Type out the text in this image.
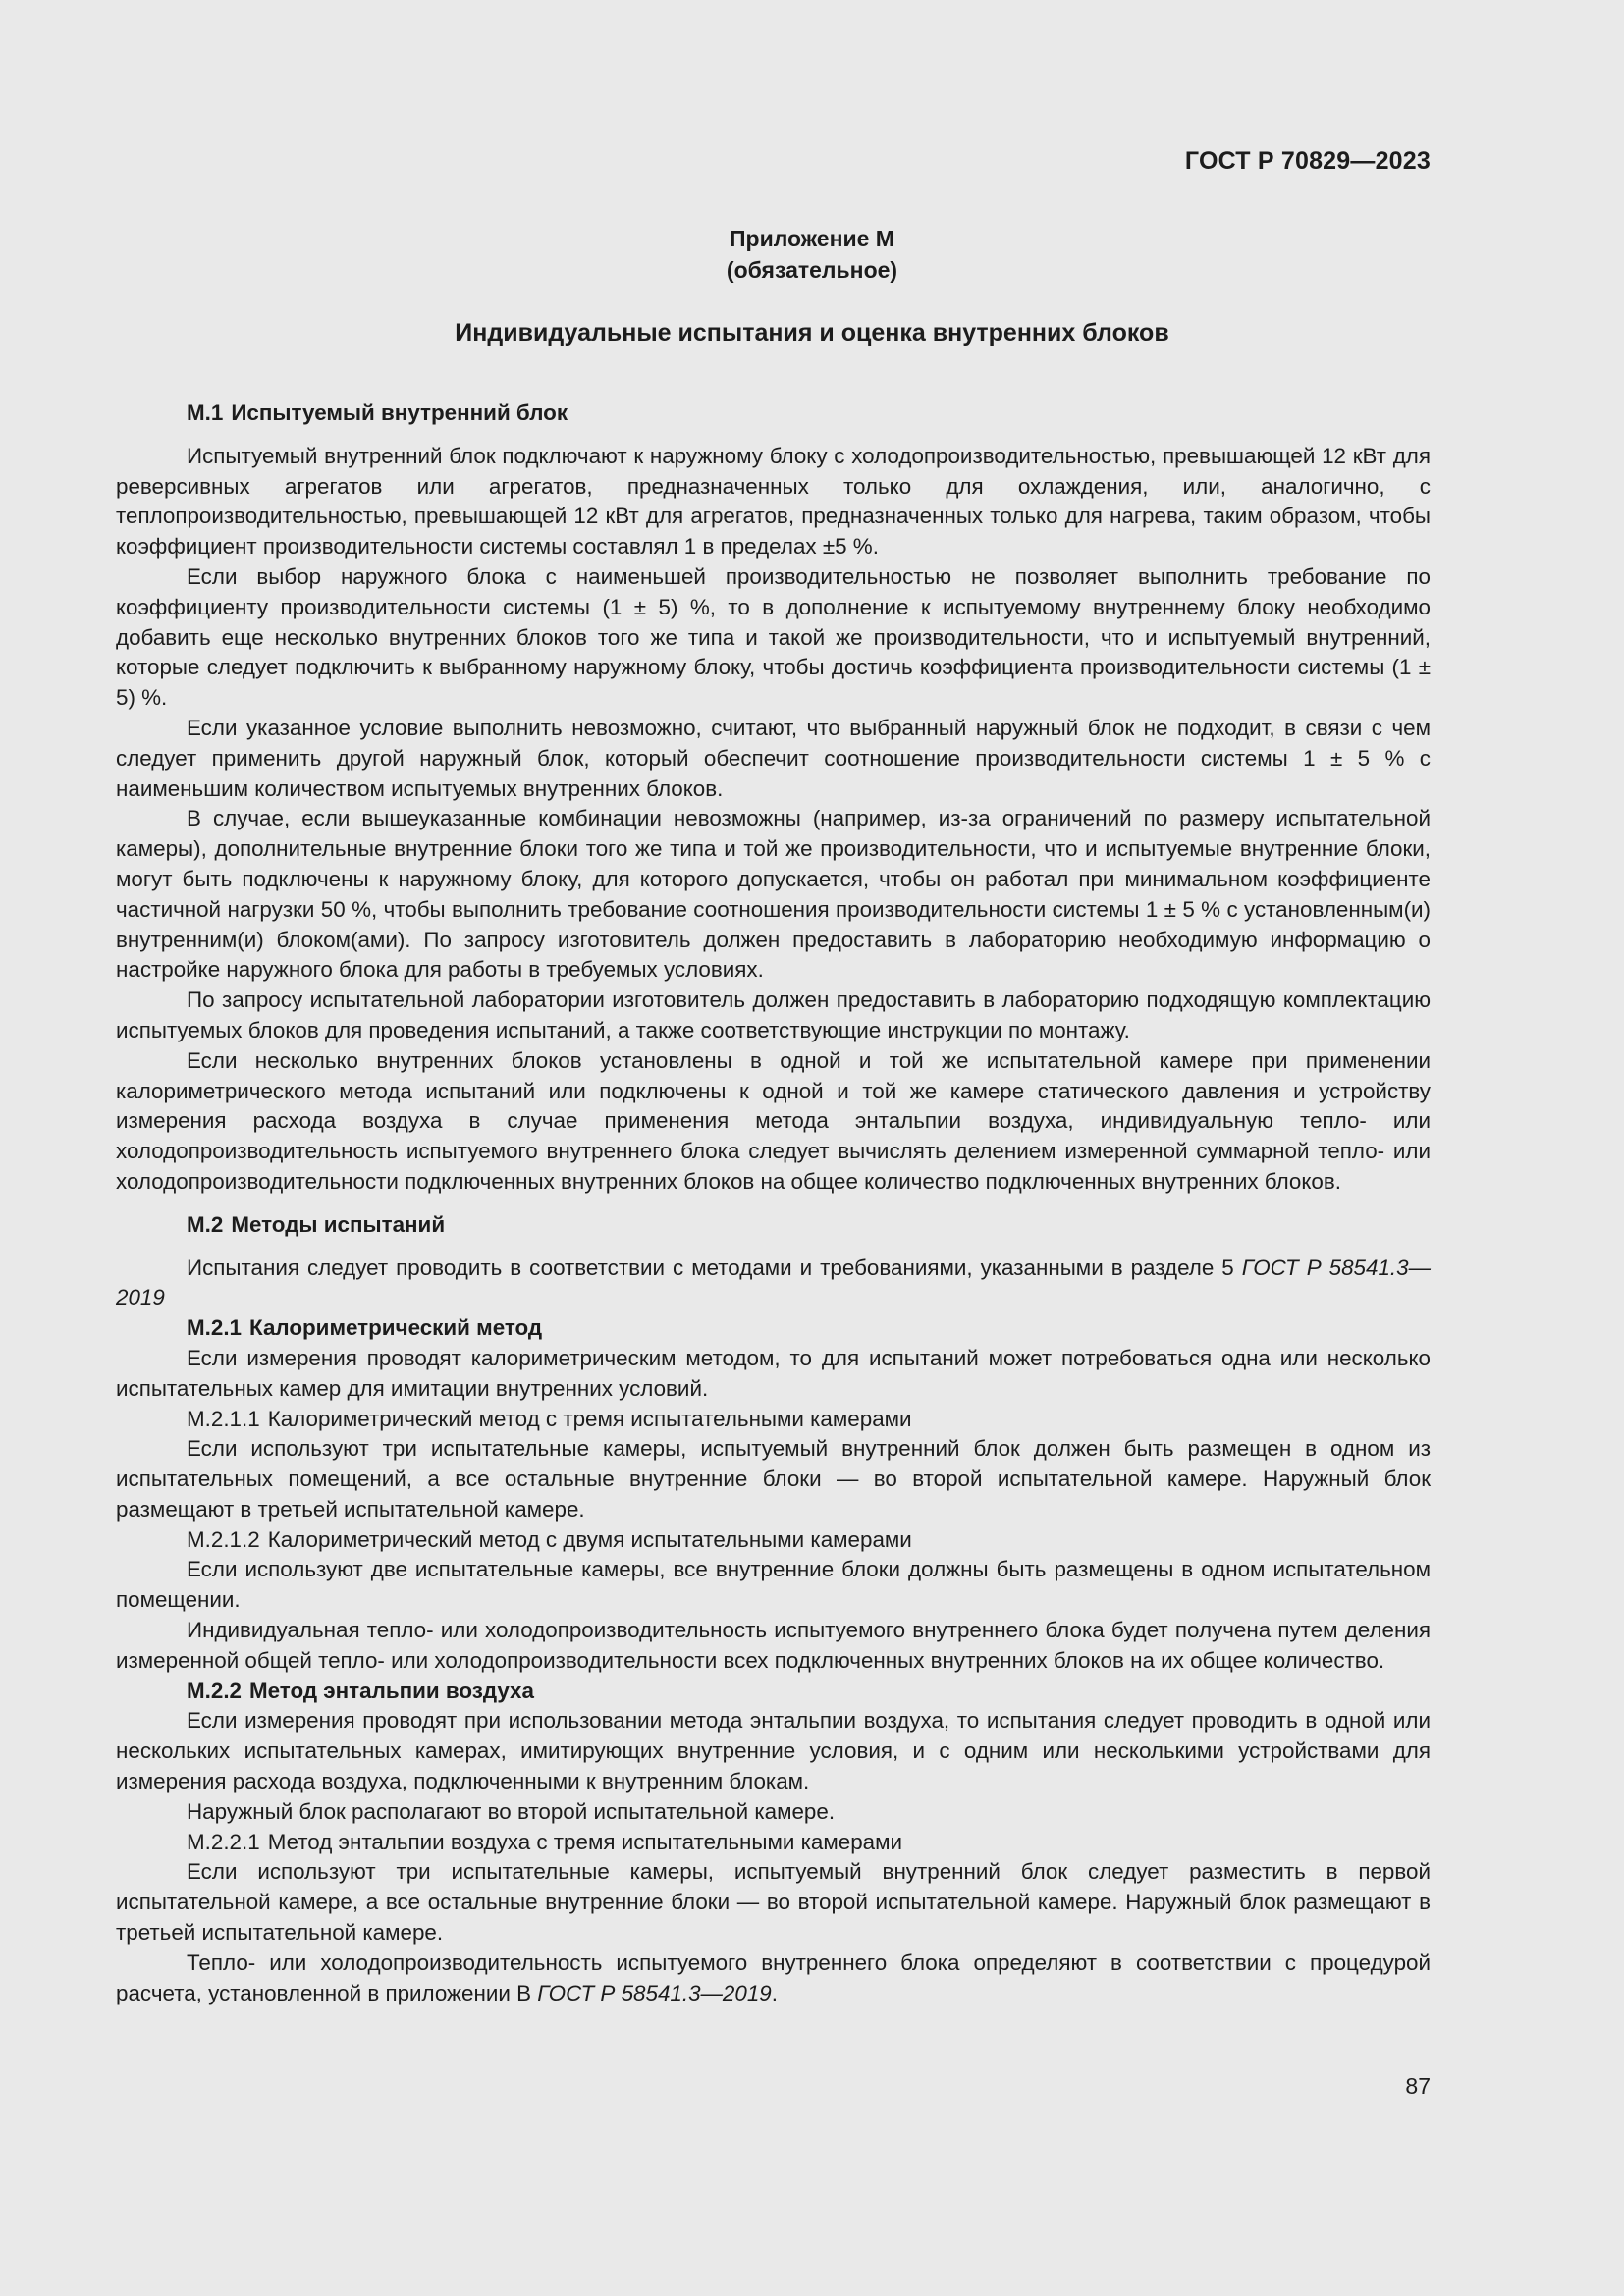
ГОСТ Р 70829—2023
Приложение М
(обязательное)
Индивидуальные испытания и оценка внутренних блоков

М.1 Испытуемый внутренний блок

Испытуемый внутренний блок подключают к наружному блоку с холодопроизводительностью, превышающей 12 кВт для реверсивных агрегатов или агрегатов, предназначенных только для охлаждения, или, аналогично, с теплопроизводительностью, превышающей 12 кВт для агрегатов, предназначенных только для нагрева, таким образом, чтобы коэффициент производительности системы составлял 1 в пределах ±5 %.

Если выбор наружного блока с наименьшей производительностью не позволяет выполнить требование по коэффициенту производительности системы (1 ± 5) %, то в дополнение к испытуемому внутреннему блоку необходимо добавить еще несколько внутренних блоков того же типа и такой же производительности, что и испытуемый внутренний, которые следует подключить к выбранному наружному блоку, чтобы достичь коэффициента производительности системы (1 ± 5) %.

Если указанное условие выполнить невозможно, считают, что выбранный наружный блок не подходит, в связи с чем следует применить другой наружный блок, который обеспечит соотношение производительности системы 1 ± 5 % с наименьшим количеством испытуемых внутренних блоков.

В случае, если вышеуказанные комбинации невозможны (например, из-за ограничений по размеру испытательной камеры), дополнительные внутренние блоки того же типа и той же производительности, что и испытуемые внутренние блоки, могут быть подключены к наружному блоку, для которого допускается, чтобы он работал при минимальном коэффициенте частичной нагрузки 50 %, чтобы выполнить требование соотношения производительности системы 1 ± 5 % с установленным(и) внутренним(и) блоком(ами). По запросу изготовитель должен предоставить в лабораторию необходимую информацию о настройке наружного блока для работы в требуемых условиях.

По запросу испытательной лаборатории изготовитель должен предоставить в лабораторию подходящую комплектацию испытуемых блоков для проведения испытаний, а также соответствующие инструкции по монтажу.

Если несколько внутренних блоков установлены в одной и той же испытательной камере при применении калориметрического метода испытаний или подключены к одной и той же камере статического давления и устройству измерения расхода воздуха в случае применения метода энтальпии воздуха, индивидуальную тепло- или холодопроизводительность испытуемого внутреннего блока следует вычислять делением измеренной суммарной тепло- или холодопроизводительности подключенных внутренних блоков на общее количество подключенных внутренних блоков.

М.2 Методы испытаний

Испытания следует проводить в соответствии с методами и требованиями, указанными в разделе 5 ГОСТ Р 58541.3—2019

М.2.1 Калориметрический метод

Если измерения проводят калориметрическим методом, то для испытаний может потребоваться одна или несколько испытательных камер для имитации внутренних условий.

М.2.1.1 Калориметрический метод с тремя испытательными камерами

Если используют три испытательные камеры, испытуемый внутренний блок должен быть размещен в одном из испытательных помещений, а все остальные внутренние блоки — во второй испытательной камере. Наружный блок размещают в третьей испытательной камере.

М.2.1.2 Калориметрический метод с двумя испытательными камерами

Если используют две испытательные камеры, все внутренние блоки должны быть размещены в одном испытательном помещении.

Индивидуальная тепло- или холодопроизводительность испытуемого внутреннего блока будет получена путем деления измеренной общей тепло- или холодопроизводительности всех подключенных внутренних блоков на их общее количество.

М.2.2 Метод энтальпии воздуха

Если измерения проводят при использовании метода энтальпии воздуха, то испытания следует проводить в одной или нескольких испытательных камерах, имитирующих внутренние условия, и с одним или несколькими устройствами для измерения расхода воздуха, подключенными к внутренним блокам.

Наружный блок располагают во второй испытательной камере.

М.2.2.1 Метод энтальпии воздуха с тремя испытательными камерами

Если используют три испытательные камеры, испытуемый внутренний блок следует разместить в первой испытательной камере, а все остальные внутренние блоки — во второй испытательной камере. Наружный блок размещают в третьей испытательной камере.

Тепло- или холодопроизводительность испытуемого внутреннего блока определяют в соответствии с процедурой расчета, установленной в приложении В ГОСТ Р 58541.3—2019.

87
